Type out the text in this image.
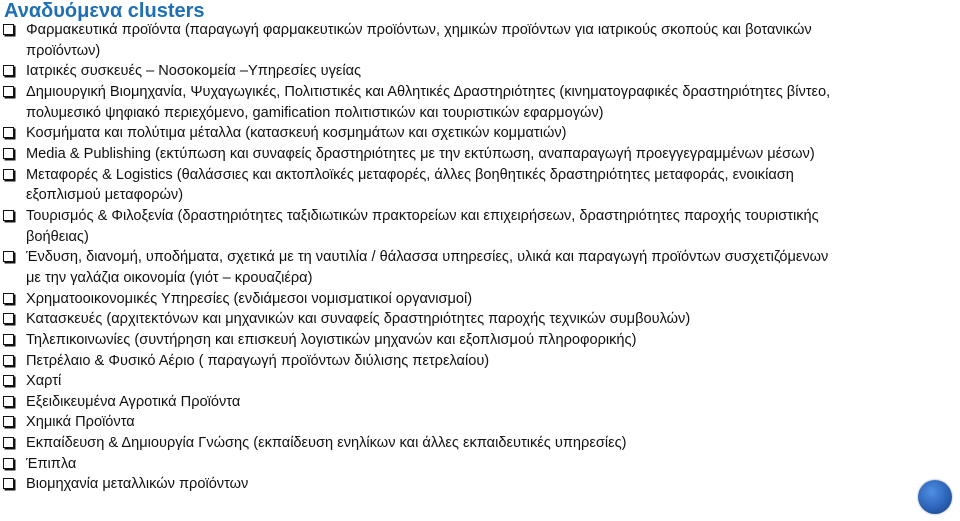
Αναδυόμενα clusters
Φαρμακευτικά προϊόντα (παραγωγή φαρμακευτικών προϊόντων, χημικών προϊόντων για ιατρικούς σκοπούς και βοτανικών
προϊόντων)
Ιατρικές συσκευές – Νοσοκομεία –Υπηρεσίες υγείας
Δημιουργική Βιομηχανία, Ψυχαγωγικές, Πολιτιστικές και Αθλητικές Δραστηριότητες (κινηματογραφικές δραστηριότητες βίντεο,
πολυμεσικό ψηφιακό περιεχόμενο, gamification πολιτιστικών και τουριστικών εφαρμογών)
Κοσμήματα και πολύτιμα μέταλλα (κατασκευή κοσμημάτων και σχετικών κομματιών)
Media & Publishing (εκτύπωση και συναφείς δραστηριότητες με την εκτύπωση, αναπαραγωγή προεγγεγραμμένων μέσων)
Μεταφορές & Logistics (θαλάσσιες και ακτοπλοϊκές μεταφορές, άλλες βοηθητικές δραστηριότητες μεταφοράς, ενοικίαση
εξοπλισμού μεταφορών)
Τουρισμός & Φιλοξενία (δραστηριότητες ταξιδιωτικών πρακτορείων και επιχειρήσεων, δραστηριότητες παροχής τουριστικής
βοήθειας)
Ένδυση, διανομή, υποδήματα, σχετικά με τη ναυτιλία / θάλασσα υπηρεσίες, υλικά και παραγωγή προϊόντων συσχετιζόμενων
με την γαλάζια οικονομία (γιότ – κρουαζιέρα)
Χρηματοοικονομικές Υπηρεσίες (ενδιάμεσοι νομισματικοί οργανισμοί)
Κατασκευές (αρχιτεκτόνων και μηχανικών και συναφείς δραστηριότητες παροχής τεχνικών συμβουλών)
Τηλεπικοινωνίες (συντήρηση και επισκευή λογιστικών μηχανών και εξοπλισμού πληροφορικής)
Πετρέλαιο & Φυσικό Αέριο ( παραγωγή προϊόντων διύλισης πετρελαίου)
Χαρτί
Εξειδικευμένα Αγροτικά Προϊόντα
Χημικά Προϊόντα
Εκπαίδευση & Δημιουργία Γνώσης (εκπαίδευση ενηλίκων και άλλες εκπαιδευτικές υπηρεσίες)
Έπιπλα
Βιομηχανία μεταλλικών προϊόντων
